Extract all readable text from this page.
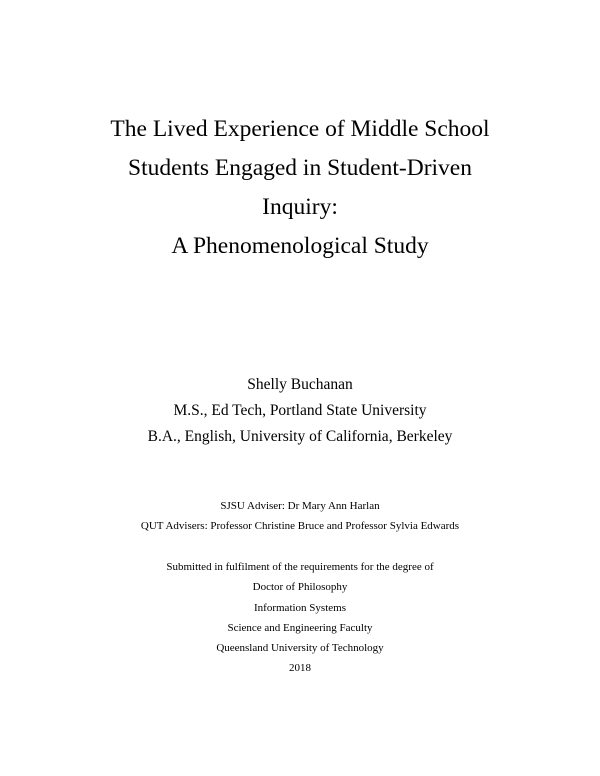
The Lived Experience of Middle School
Students Engaged in Student-Driven
Inquiry:
A Phenomenological Study
Shelly Buchanan
M.S., Ed Tech, Portland State University
B.A., English, University of California, Berkeley
SJSU Adviser: Dr Mary Ann Harlan
QUT Advisers: Professor Christine Bruce and Professor Sylvia Edwards
Submitted in fulfilment of the requirements for the degree of
Doctor of Philosophy
Information Systems
Science and Engineering Faculty
Queensland University of Technology
2018
